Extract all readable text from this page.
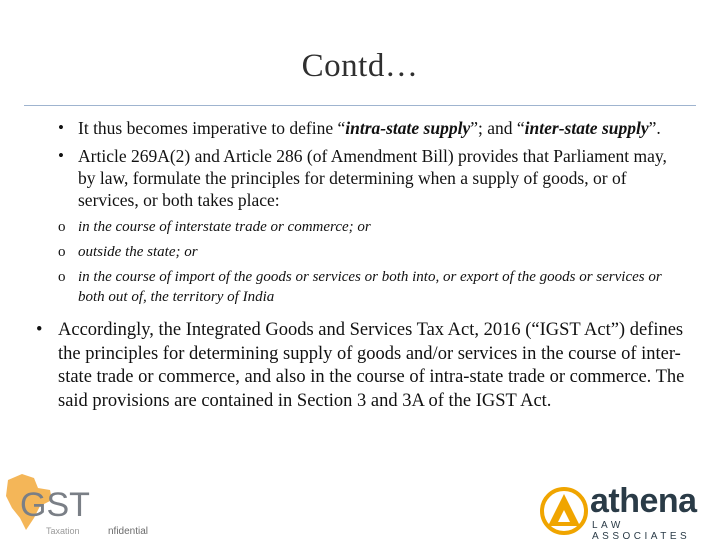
Contd…
• It thus becomes imperative to define “intra-state supply”; and “inter-state supply”.
• Article 269A(2) and Article 286 (of Amendment Bill) provides that Parliament may, by law, formulate the principles for determining when a supply of goods, or of services, or both takes place:
o in the course of interstate trade or commerce; or
o outside the state; or
o in the course of import of the goods or services or both into, or export of the goods or services or both out of, the territory of India
• Accordingly, the Integrated Goods and Services Tax Act, 2016 (“IGST Act”) defines the principles for determining supply of goods and/or services in the course of inter-state trade or commerce, and also in the course of intra-state trade or commerce. The said provisions are contained in Section 3 and 3A of the IGST Act.
GST
Taxation	nfidential
athena
LAW ASSOCIATES
